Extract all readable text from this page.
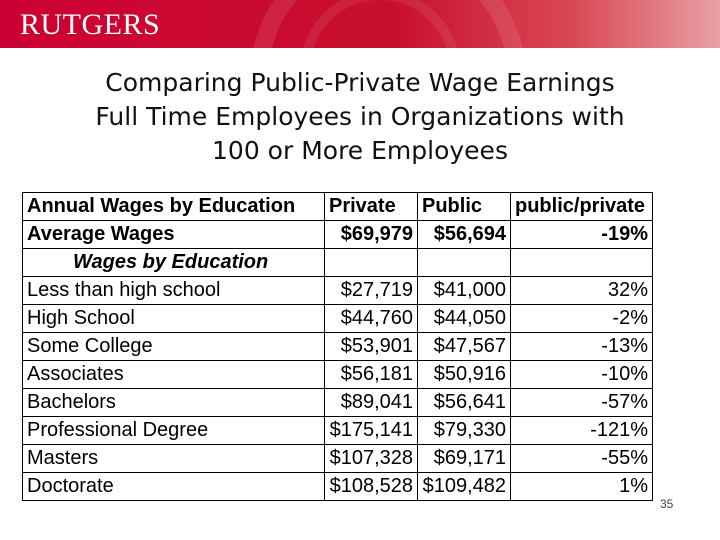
RUTGERS
Comparing Public-Private Wage Earnings
Full Time Employees in Organizations with
100 or More Employees
Annual Wages by Education	Private	Public	public/private
Average Wages	$69,979	$56,694	-19%
Wages by Education			
Less than high school	$27,719	$41,000	32%
High School	$44,760	$44,050	-2%
Some College	$53,901	$47,567	-13%
Associates	$56,181	$50,916	-10%
Bachelors	$89,041	$56,641	-57%
Professional Degree	$175,141	$79,330	-121%
Masters	$107,328	$69,171	-55%
Doctorate	$108,528	$109,482	1%
35
